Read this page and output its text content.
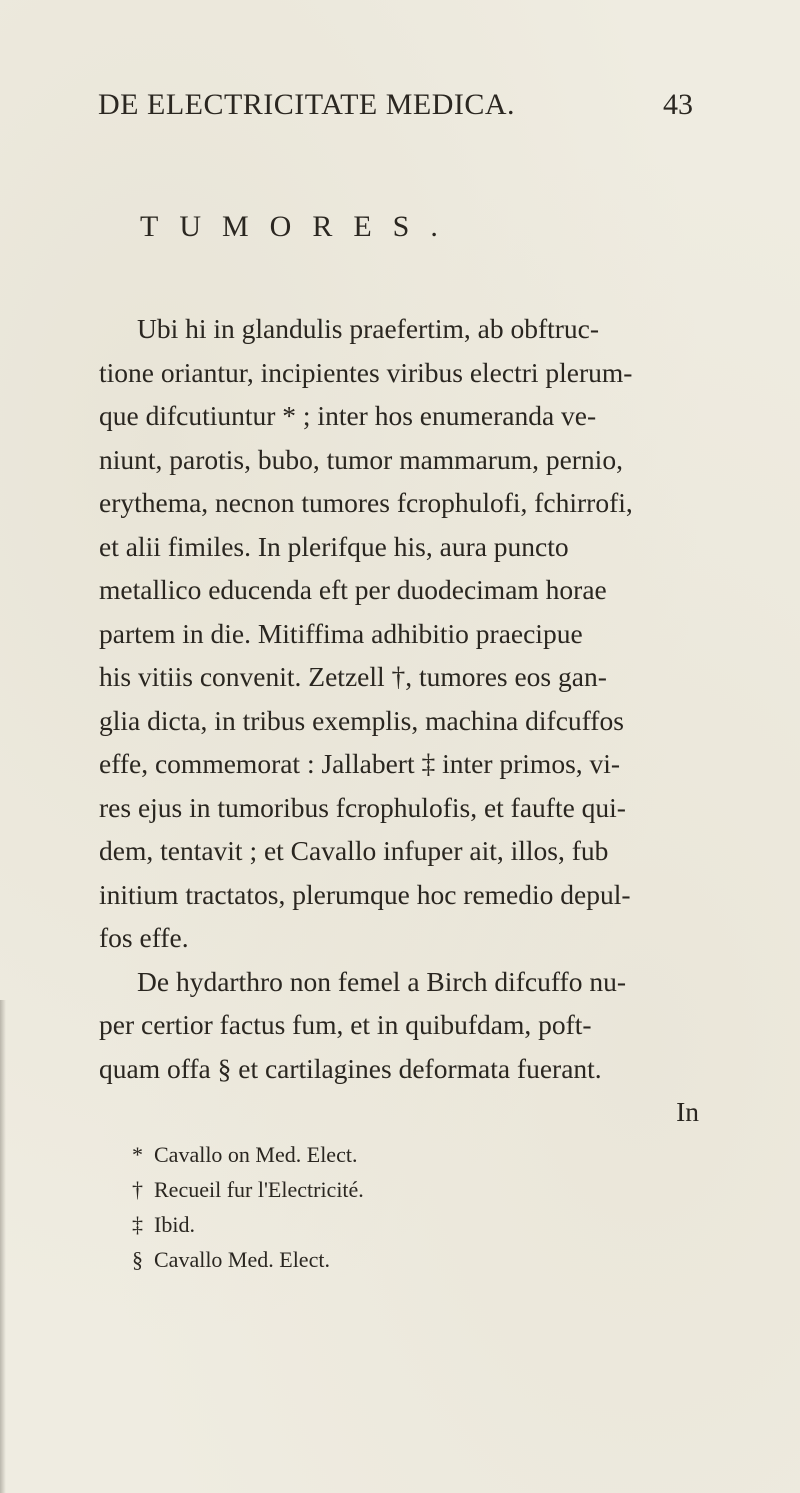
DE ELECTRICITATE MEDICA.	43
TUMORES.
Ubi hi in glandulis praefertim, ab obftruc-
tione oriantur, incipientes viribus electri plerum-
que difcutiuntur * ; inter hos enumeranda ve-
niunt, parotis, bubo, tumor mammarum, pernio,
erythema, necnon tumores fcrophulofi, fchirrofi,
et alii fimiles. In plerifque his, aura puncto
metallico educenda eft per duodecimam horae
partem in die. Mitiffima adhibitio praecipue
his vitiis convenit. Zetzell †, tumores eos gan-
glia dicta, in tribus exemplis, machina difcuffos
effe, commemorat : Jallabert ‡ inter primos, vi-
res ejus in tumoribus fcrophulofis, et faufte qui-
dem, tentavit ; et Cavallo infuper ait, illos, fub
initium tractatos, plerumque hoc remedio depul-
fos effe.
De hydarthro non femel a Birch difcuffo nu-
per certior factus fum, et in quibufdam, poft-
quam offa § et cartilagines deformata fuerant.
In
* Cavallo on Med. Elect.
† Recueil fur l'Electricité.
‡ Ibid.
§ Cavallo Med. Elect.
